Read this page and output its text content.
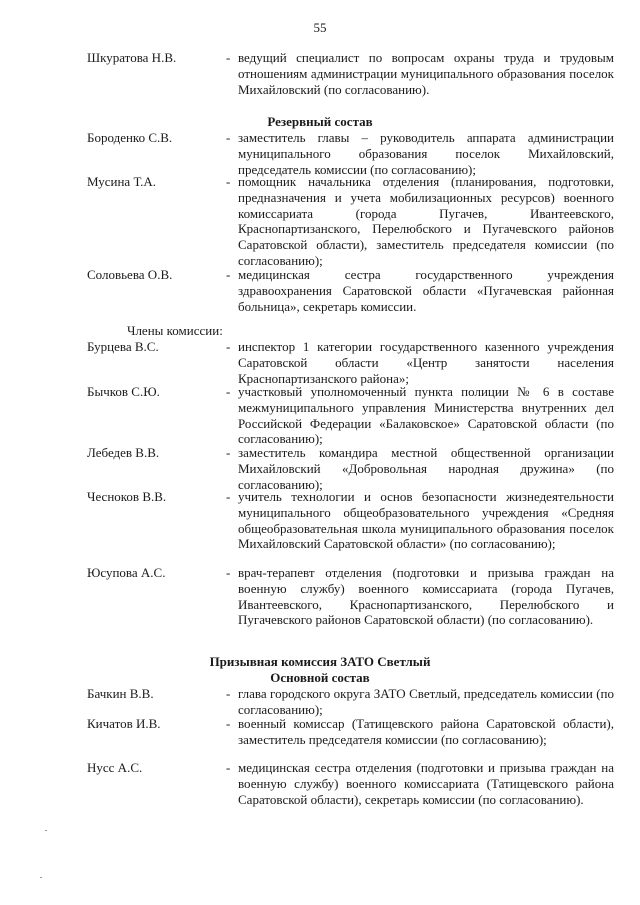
55
Шкуратова Н.В.	- ведущий специалист по вопросам охраны труда и трудовым отношениям администрации муниципального образования поселок Михайловский (по согласованию).
Резервный состав
Бороденко С.В.	- заместитель главы – руководитель аппарата администрации муниципального образования поселок Михайловский, председатель комиссии (по согласованию);
Мусина Т.А.	- помощник начальника отделения (планирования, подготовки, предназначения и учета мобилизационных ресурсов) военного комиссариата (города Пугачев, Ивантеевского, Краснопартизанского, Перелюбского и Пугачевского районов Саратовской области), заместитель председателя комиссии (по согласованию);
Соловьева О.В.	- медицинская сестра государственного учреждения здравоохранения Саратовской области «Пугачевская районная больница», секретарь комиссии.
Члены комиссии:
Бурцева В.С.	- инспектор 1 категории государственного казенного учреждения Саратовской области «Центр занятости населения Краснопартизанского района»;
Бычков С.Ю.	- участковый уполномоченный пункта полиции № 6 в составе межмуниципального управления Министерства внутренних дел Российской Федерации «Балаковское» Саратовской области (по согласованию);
Лебедев В.В.	- заместитель командира местной общественной организации Михайловский «Добровольная народная дружина» (по согласованию);
Чесноков В.В.	- учитель технологии и основ безопасности жизнедеятельности муниципального общеобразовательного учреждения «Средняя общеобразовательная школа муниципального образования поселок Михайловский Саратовской области» (по согласованию);
Юсупова А.С.	- врач-терапевт отделения (подготовки и призыва граждан на военную службу) военного комиссариата (города Пугачев, Ивантеевского, Краснопартизанского, Перелюбского и Пугачевского районов Саратовской области) (по согласованию).
Призывная комиссия ЗАТО Светлый
Основной состав
Бачкин В.В.	- глава городского округа ЗАТО Светлый, председатель комиссии (по согласованию);
Кичатов И.В.	- военный комиссар (Татищевского района Саратовской области), заместитель председателя комиссии (по согласованию);
Нусс А.С.	- медицинская сестра отделения (подготовки и призыва граждан на военную службу) военного комиссариата (Татищевского района Саратовской области), секретарь комиссии (по согласованию).
